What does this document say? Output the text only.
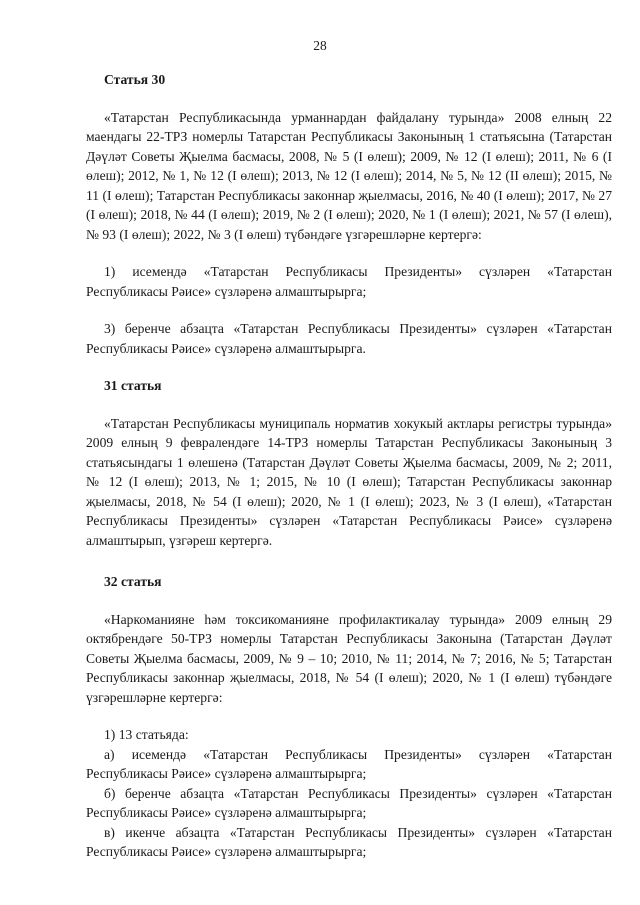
28

Статья 30

«Татарстан Республикасында урманнардан файдалану турында» 2008 елның 22 маендагы 22-ТРЗ номерлы Татарстан Республикасы Законының 1 статьясына (Татарстан Дәүләт Советы Җыелма басмасы, 2008, № 5 (I өлеш); 2009, № 12 (I өлеш); 2011, № 6 (I өлеш); 2012, № 1, № 12 (I өлеш); 2013, № 12 (I өлеш); 2014, № 5, № 12 (II өлеш); 2015, № 11 (I өлеш); Татарстан Республикасы законнар җыелмасы, 2016, № 40 (I өлеш); 2017, № 27 (I өлеш); 2018, № 44 (I өлеш); 2019, № 2 (I өлеш); 2020, № 1 (I өлеш); 2021, № 57 (I өлеш), № 93 (I өлеш); 2022, № 3 (I өлеш) түбәндәге үзгәрешләрне кертергә:

1) исемендә «Татарстан Республикасы Президенты» сүзләрен «Татарстан Республикасы Рәисе» сүзләренә алмаштырырга;

3) беренче абзацта «Татарстан Республикасы Президенты» сүзләрен «Татарстан Республикасы Рәисе» сүзләренә алмаштырырга.

31 статья

«Татарстан Республикасы муниципаль норматив хокукый актлары регистры турында» 2009 елның 9 февралендәге 14-ТРЗ номерлы Татарстан Республикасы Законының 3 статьясындагы 1 өлешенә (Татарстан Дәүләт Советы Җыелма басмасы, 2009, № 2; 2011, № 12 (I өлеш); 2013, № 1; 2015, № 10 (I өлеш); Татарстан Республикасы законнар җыелмасы, 2018, № 54 (I өлеш); 2020, № 1 (I өлеш); 2023, № 3 (I өлеш), «Татарстан Республикасы Президенты» сүзләрен «Татарстан Республикасы Рәисе» сүзләренә алмаштырып, үзгәреш кертергә.

32 статья

«Наркоманияне һәм токсикоманияне профилактикалау турында» 2009 елның 29 октябрендәге 50-ТРЗ номерлы Татарстан Республикасы Законына (Татарстан Дәүләт Советы Җыелма басмасы, 2009, № 9 – 10; 2010, № 11; 2014, № 7; 2016, № 5; Татарстан Республикасы законнар җыелмасы, 2018, № 54 (I өлеш); 2020, № 1 (I өлеш) түбәндәге үзгәрешләрне кертергә:

1) 13 статьяда:

а) исемендә «Татарстан Республикасы Президенты» сүзләрен «Татарстан Республикасы Рәисе» сүзләренә алмаштырырга;

б) беренче абзацта «Татарстан Республикасы Президенты» сүзләрен «Татарстан Республикасы Рәисе» сүзләренә алмаштырырга;

в) икенче абзацта «Татарстан Республикасы Президенты» сүзләрен «Татарстан Республикасы Рәисе» сүзләренә алмаштырырга;
